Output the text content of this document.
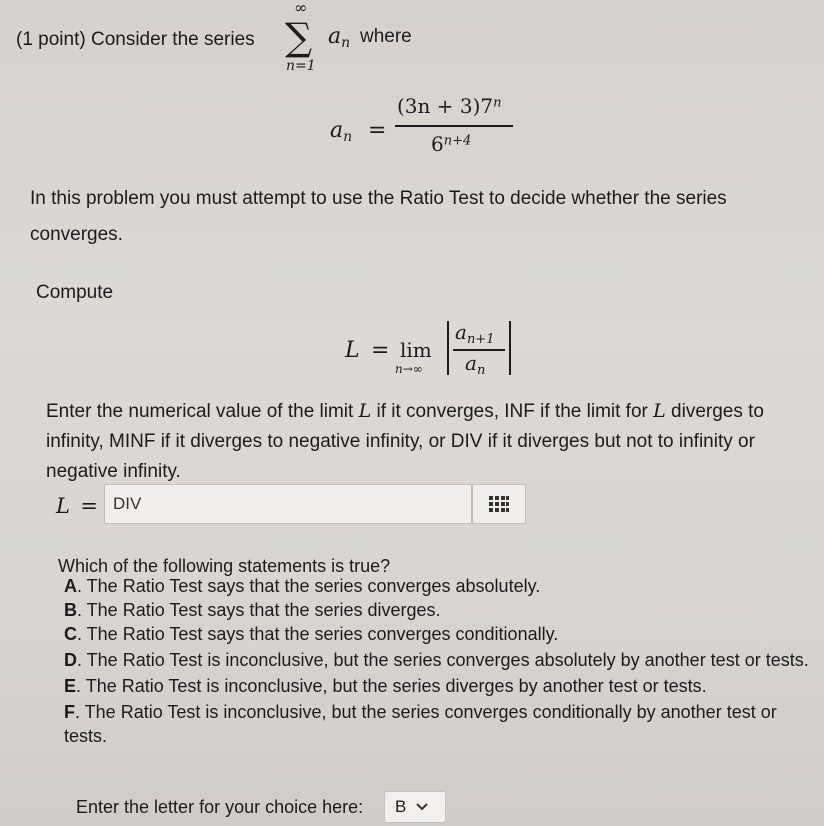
(1 point) Consider the series
∞
∑
n=1
$a_n$ where
$a_n$ =
$(3n + 3)7^n$
$6^{n+4}$
In this problem you must attempt to use the Ratio Test to decide whether the series converges.
Compute
L = lim
n→∞
$a_{n+1}$
$a_n$
Enter the numerical value of the limit L if it converges, INF if the limit for L diverges to infinity, MINF if it diverges to negative infinity, or DIV if it diverges but not to infinity or negative infinity.
L = DIV
Which of the following statements is true?
A. The Ratio Test says that the series converges absolutely.
B. The Ratio Test says that the series diverges.
C. The Ratio Test says that the series converges conditionally.
D. The Ratio Test is inconclusive, but the series converges absolutely by another test or tests.
E. The Ratio Test is inconclusive, but the series diverges by another test or tests.
F. The Ratio Test is inconclusive, but the series converges conditionally by another test or tests.
Enter the letter for your choice here: B
